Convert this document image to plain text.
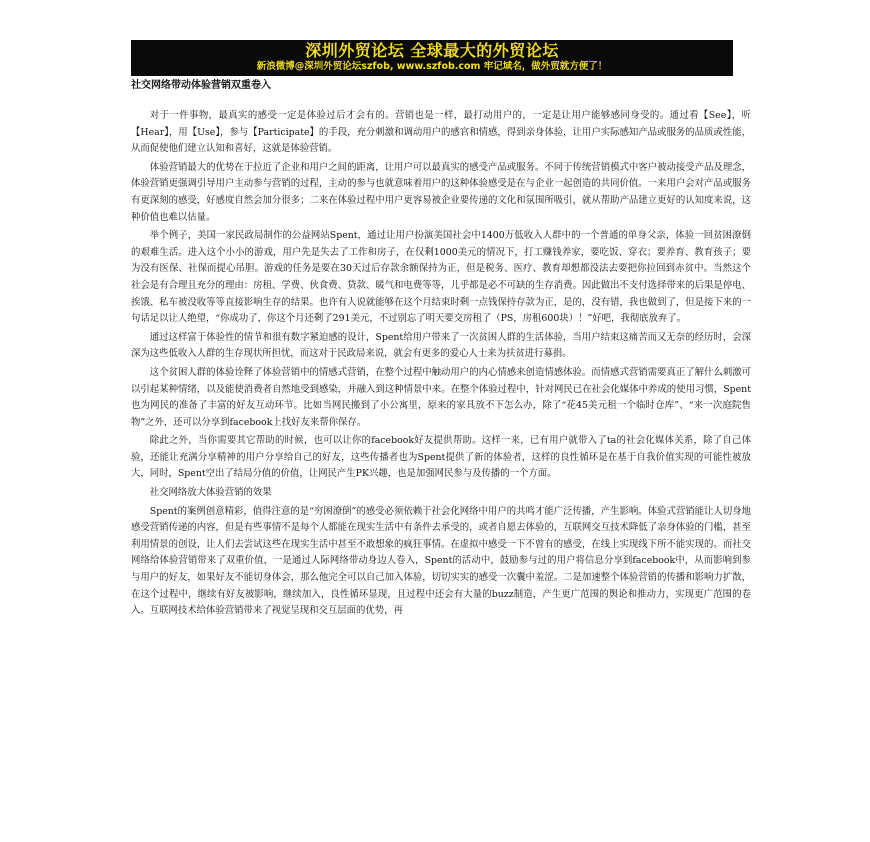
深圳外贸论坛 全球最大的外贸论坛
新浪微博@深圳外贸论坛szfob, www.szfob.com 牢记域名，做外贸就方便了！
社交网络带动体验营销双重卷入

对于一件事物，最真实的感受一定是体验过后才会有的。营销也是一样，最打动用户的，一定是让用户能够感同身受的。通过看【See】，听【Hear】，用【Use】，参与【Participate】的手段，充分刺激和调动用户的感官和情感，得到亲身体验，让用户实际感知产品或服务的品质或性能，从而促使他们建立认知和喜好，这就是体验营销。

体验营销最大的优势在于拉近了企业和用户之间的距离，让用户可以最真实的感受产品或服务。不同于传统营销模式中客户被动接受产品及理念，体验营销更强调引导用户主动参与营销的过程，主动的参与也就意味着用户的这种体验感受是在与企业一起创造的共同价值。一来用户会对产品或服务有更深刻的感受，好感度自然会加分很多；二来在体验过程中用户更容易被企业要传递的文化和氛围所吸引，就从帮助产品建立更好的认知度来说，这种价值也难以估量。

举个例子，美国一家民政局制作的公益网站Spent，通过让用户扮演美国社会中1400万低收入人群中的一个普通的单身父亲，体验一回贫困潦倒的艰难生活。进入这个小小的游戏，用户先是失去了工作和房子，在仅剩1000美元的情况下，打工赚钱养家，要吃饭、穿衣；要养育、教育孩子；要为没有医保、社保而提心吊胆。游戏的任务是要在30天过后存款余额保持为正，但是税务、医疗、教育却想都没法去要把你拉回到赤贫中。当然这个社会是有合理且充分的理由：房租、学费、伙食费、贷款、暖气和电费等等，儿乎都是必不可缺的生存消费。因此做出不支付选择带来的后果是停电、挨饿、私车被没收等等直接影响生存的结果。也许有人说就能够在这个月结束时剩一点钱保持存款为正，是的，没有错，我也做到了，但是接下来的一句话足以让人绝望，“你成功了，你这个月还剩了291美元，不过别忘了明天要交房租了（PS，房租600块）！”好吧，我彻底放弃了。

通过这样富于体验性的情节和很有数字紧迫感的设计，Spent给用户带来了一次贫困人群的生活体验，当用户结束这痛苦而又无奈的经历时，会深深为这些低收入人群的生存现状所担忧，而这对于民政局来说，就会有更多的爱心人士来为扶贫进行募捐。

这个贫困人群的体验诠释了体验营销中的情感式营销，在整个过程中触动用户的内心情感来创造情感体验。而情感式营销需要真正了解什么刺激可以引起某种情绪，以及能使消费者自然地受到感染，并融入到这种情景中来。在整个体验过程中，针对网民已在社会化媒体中养成的使用习惯，Spent也为网民的准备了丰富的好友互动环节。比如当网民搬到了小公寓里，原来的家具放不下怎么办，除了“花45美元租一个临时仓库”、“来一次庭院售物”之外，还可以分享到facebook上找好友来帮你保存。

除此之外，当你需要其它帮助的时候，也可以让你的facebook好友提供帮助。这样一来，已有用户就带入了ta的社会化媒体关系，除了自己体验，还能让充满分享精神的用户分享给自己的好友，这些传播者也为Spent提供了新的体验者，这样的良性循环是在基于自我价值实现的可能性被放大，同时，Spent空出了结局分值的价值，让网民产生PK兴趣，也是加强网民参与及传播的一个方面。

社交网络放大体验营销的效果

Spent的案例创意精彩，值得注意的是“穷困潦倒”的感受必须依赖于社会化网络中用户的共鸣才能广泛传播，产生影响。体验式营销能让人切身地感受营销传递的内容，但是有些事情不是每个人都能在现实生活中有条件去承受的，或者自愿去体验的，互联网交互技术降低了亲身体验的门槛，甚至利用情景的创设，让人们去尝试这些在现实生活中甚至不敢想象的疯狂事情。在虚拟中感受一下不曾有的感受，在线上实现线下所不能实现的。而社交网络给体验营销带来了双重价值，一是通过人际网络带动身边人卷入，Spent的活动中，鼓励参与过的用户将信息分享到facebook中，从而影响到参与用户的好友，如果好友不能切身体会，那么他完全可以自己加入体验，切切实实的感受一次囊中羞涩。二是加速整个体验营销的传播和影响力扩散，在这个过程中，继续有好友被影响，继续加入，良性循环显现，且过程中还会有大量的buzz制造，产生更广范围的舆论和推动力，实现更广范围的卷入。互联网技术给体验营销带来了视觉呈现和交互层面的优势，再
